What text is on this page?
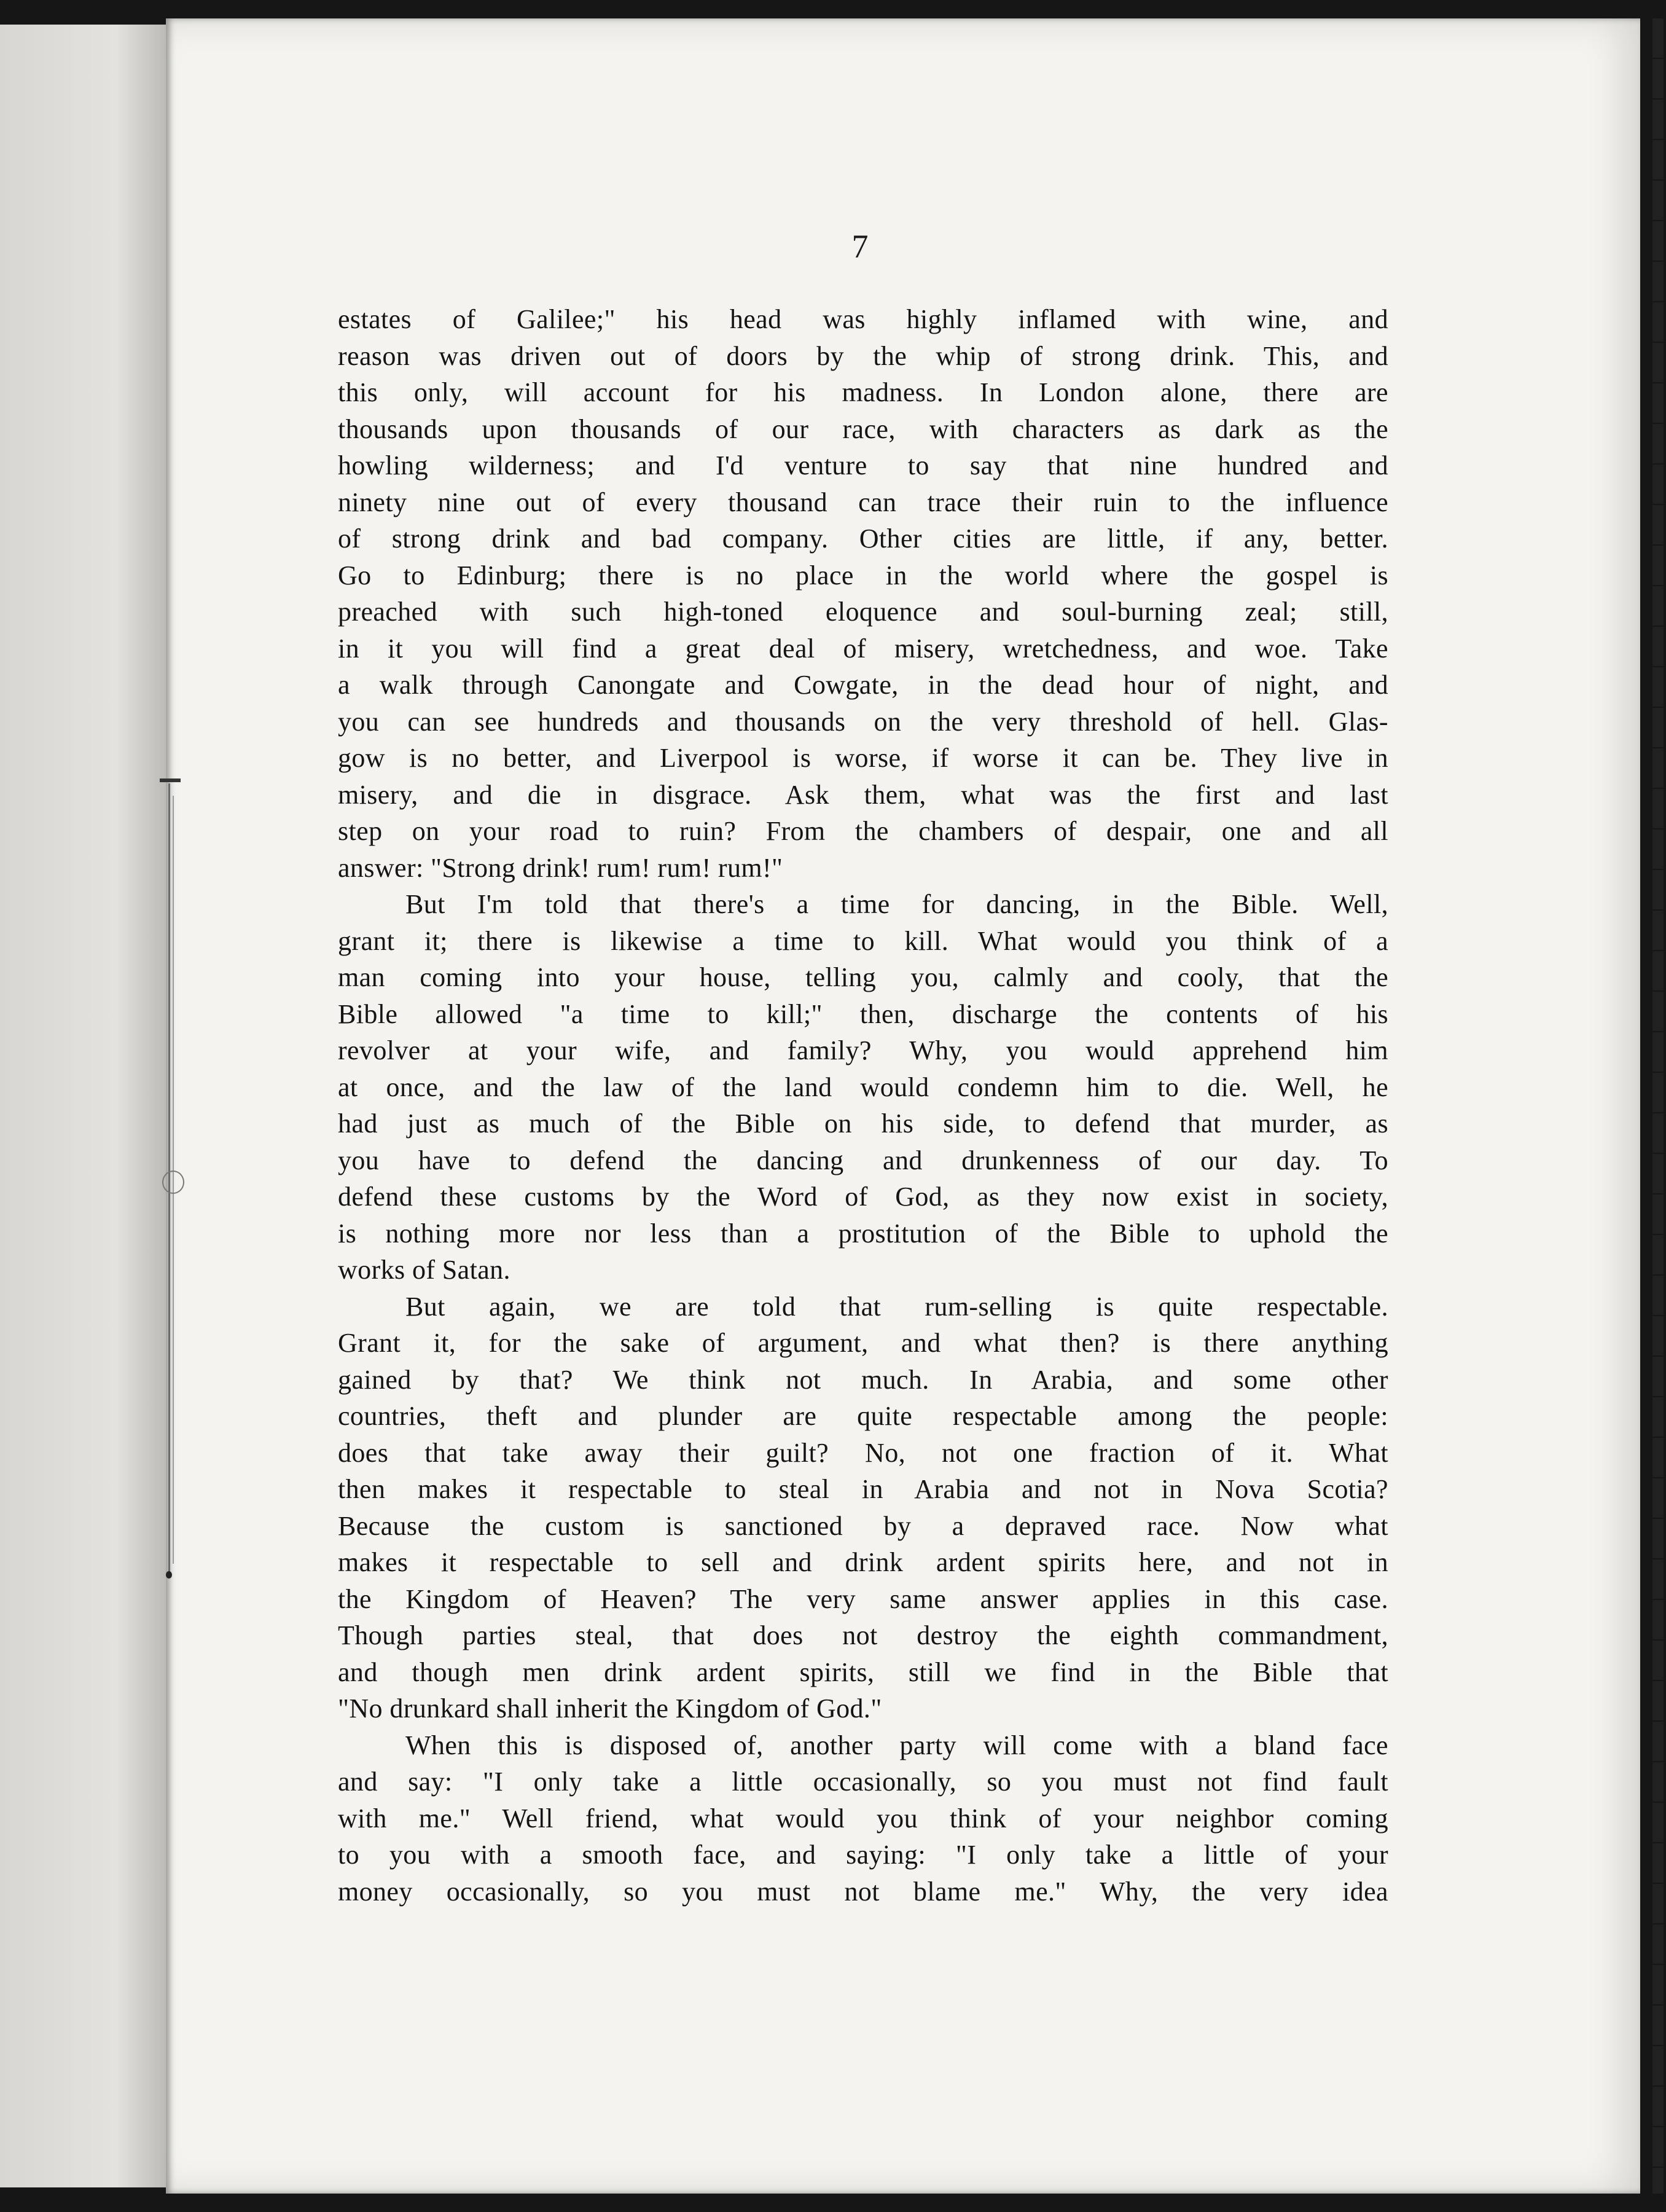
7
estates of Galilee;" his head was highly inflamed with wine, and
reason was driven out of doors by the whip of strong drink. This, and
this only, will account for his madness. In London alone, there are
thousands upon thousands of our race, with characters as dark as the
howling wilderness; and I'd venture to say that nine hundred and
ninety nine out of every thousand can trace their ruin to the influence
of strong drink and bad company. Other cities are little, if any, better.
Go to Edinburg; there is no place in the world where the gospel is
preached with such high-toned eloquence and soul-burning zeal; still,
in it you will find a great deal of misery, wretchedness, and woe. Take
a walk through Canongate and Cowgate, in the dead hour of night, and
you can see hundreds and thousands on the very threshold of hell. Glas-
gow is no better, and Liverpool is worse, if worse it can be. They live in
misery, and die in disgrace. Ask them, what was the first and last
step on your road to ruin? From the chambers of despair, one and all
answer: "Strong drink! rum! rum! rum!"
But I'm told that there's a time for dancing, in the Bible. Well,
grant it; there is likewise a time to kill. What would you think of a
man coming into your house, telling you, calmly and cooly, that the
Bible allowed "a time to kill;" then, discharge the contents of his
revolver at your wife, and family? Why, you would apprehend him
at once, and the law of the land would condemn him to die. Well, he
had just as much of the Bible on his side, to defend that murder, as
you have to defend the dancing and drunkenness of our day. To
defend these customs by the Word of God, as they now exist in society,
is nothing more nor less than a prostitution of the Bible to uphold the
works of Satan.
But again, we are told that rum-selling is quite respectable.
Grant it, for the sake of argument, and what then? is there anything
gained by that? We think not much. In Arabia, and some other
countries, theft and plunder are quite respectable among the people:
does that take away their guilt? No, not one fraction of it. What
then makes it respectable to steal in Arabia and not in Nova Scotia?
Because the custom is sanctioned by a depraved race. Now what
makes it respectable to sell and drink ardent spirits here, and not in
the Kingdom of Heaven? The very same answer applies in this case.
Though parties steal, that does not destroy the eighth commandment,
and though men drink ardent spirits, still we find in the Bible that
"No drunkard shall inherit the Kingdom of God."
When this is disposed of, another party will come with a bland face
and say: "I only take a little occasionally, so you must not find fault
with me." Well friend, what would you think of your neighbor coming
to you with a smooth face, and saying: "I only take a little of your
money occasionally, so you must not blame me." Why, the very idea
